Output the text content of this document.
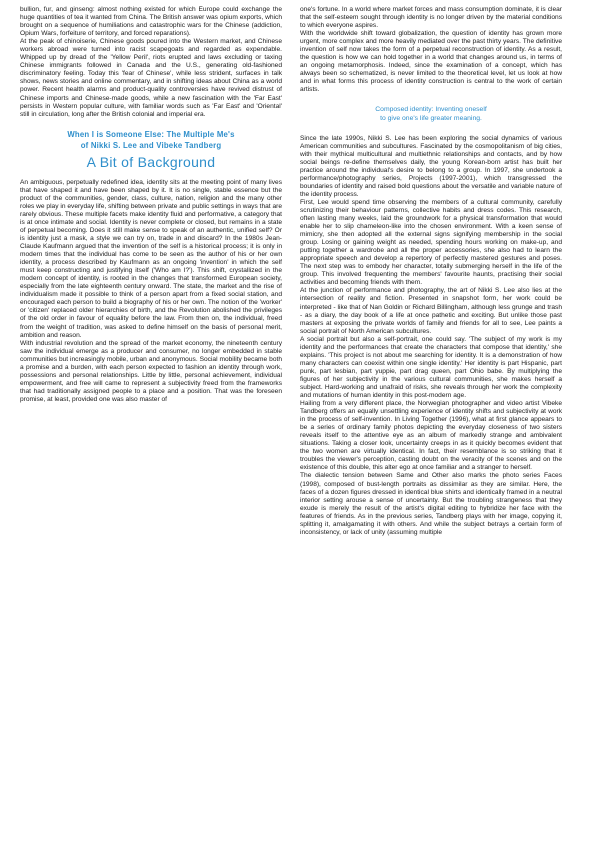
bullion, fur, and ginseng: almost nothing existed for which Europe could exchange the huge quantities of tea it wanted from China. The British answer was opium exports, which brought on a sequence of humiliations and catastrophic wars for the Chinese (addiction, Opium Wars, forfeiture of territory, and forced reparations).

At the peak of chinoiserie, Chinese goods poured into the Western market, and Chinese workers abroad were turned into racist scapegoats and regarded as expendable. Whipped up by dread of the 'Yellow Peril', riots erupted and laws excluding or taxing Chinese immigrants followed in Canada and the U.S., generating old-fashioned discriminatory feeling. Today this 'fear of Chinese', while less strident, surfaces in talk shows, news stories and online commentary, and in shifting ideas about China as a world power. Recent health alarms and product-quality controversies have revived distrust of Chinese imports and Chinese-made goods, while a new fascination with the 'Far East' persists in Western popular culture, with familiar words such as 'Far East' and 'Oriental' still in circulation, long after the British colonial and imperial era.

When I is Someone Else: The Multiple Me's
of Nikki S. Lee and Vibeke Tandberg
A Bit of Background

An ambiguous, perpetually redefined idea, identity sits at the meeting point of many lives that have shaped it and have been shaped by it. It is no single, stable essence but the product of the communities, gender, class, culture, nation, religion and the many other roles we play in everyday life, shifting between private and public settings in ways that are rarely obvious. These multiple facets make identity fluid and performative, a category that is at once intimate and social. Identity is never complete or closed, but remains in a state of perpetual becoming. Does it still make sense to speak of an authentic, unified self? Or is identity just a mask, a style we can try on, trade in and discard? In the 1980s Jean-Claude Kaufmann argued that the invention of the self is a historical process; it is only in modern times that the individual has come to be seen as the author of his or her own identity, a process described by Kaufmann as an ongoing 'invention' in which the self must keep constructing and justifying itself ('Who am I?'). This shift, crystallized in the modern concept of identity, is rooted in the changes that transformed European society, especially from the late eighteenth century onward. The state, the market and the rise of individualism made it possible to think of a person apart from a fixed social station, and encouraged each person to build a biography of his or her own. The notion of the 'worker' or 'citizen' replaced older hierarchies of birth, and the Revolution abolished the privileges of the old order in favour of equality before the law. From then on, the individual, freed from the weight of tradition, was asked to define himself on the basis of personal merit, ambition and reason.

With industrial revolution and the spread of the market economy, the nineteenth century saw the individual emerge as a producer and consumer, no longer embedded in stable communities but increasingly mobile, urban and anonymous. Social mobility became both a promise and a burden, with each person expected to fashion an identity through work, possessions and personal relationships. Little by little, personal achievement, individual empowerment, and free will came to represent a subjectivity freed from the frameworks that had traditionally assigned people to a place and a position. That was the foreseen promise, at least, provided one was also master of

one's fortune. In a world where market forces and mass consumption dominate, it is clear that the self-esteem sought through identity is no longer driven by the material conditions to which everyone aspires.

With the worldwide shift toward globalization, the question of identity has grown more urgent, more complex and more heavily mediated over the past thirty years. The definitive invention of self now takes the form of a perpetual reconstruction of identity. As a result, the question is how we can hold together in a world that changes around us, in terms of an ongoing metamorphosis. Indeed, since the examination of a concept, which has always been so schematized, is never limited to the theoretical level, let us look at how and in what forms this process of identity construction is central to the work of certain artists.

Composed identity: Inventing oneself
to give one's life greater meaning.

Since the late 1990s, Nikki S. Lee has been exploring the social dynamics of various American communities and subcultures. Fascinated by the cosmopolitanism of big cities, with their mythical multicultural and multiethnic relationships and contacts, and by how social beings re-define themselves daily, the young Korean-born artist has built her practice around the individual's desire to belong to a group. In 1997, she undertook a performance/photography series, Projects (1997-2001), which transgressed the boundaries of identity and raised bold questions about the versatile and variable nature of the identity process.

First, Lee would spend time observing the members of a cultural community, carefully scrutinizing their behaviour patterns, collective habits and dress codes. This research, often lasting many weeks, laid the groundwork for a physical transformation that would enable her to slip chameleon-like into the chosen environment. With a keen sense of mimicry, she then adopted all the external signs signifying membership in the social group. Losing or gaining weight as needed, spending hours working on make-up, and putting together a wardrobe and all the proper accessories, she also had to learn the appropriate speech and develop a repertory of perfectly mastered gestures and poses. The next step was to embody her character, totally submerging herself in the life of the group. This involved frequenting the members' favourite haunts, practising their social activities and becoming friends with them.

At the junction of performance and photography, the art of Nikki S. Lee also lies at the intersection of reality and fiction. Presented in snapshot form, her work could be interpreted - like that of Nan Goldin or Richard Billingham, although less grunge and trash - as a diary, the day book of a life at once pathetic and exciting. But unlike those past masters at exposing the private worlds of family and friends for all to see, Lee paints a social portrait of North American subcultures.

A social portrait but also a self-portrait, one could say. 'The subject of my work is my identity and the performances that create the characters that compose that identity,' she explains. 'This project is not about me searching for identity. It is a demonstration of how many characters can coexist within one single identity.' Her identity is part Hispanic, part punk, part lesbian, part yuppie, part drag queen, part Ohio babe. By multiplying the figures of her subjectivity in the various cultural communities, she makes herself a subject. Hard-working and unafraid of risks, she reveals through her work the complexity and mutations of human identity in this post-modern age.

Hailing from a very different place, the Norwegian photographer and video artist Vibeke Tandberg offers an equally unsettling experience of identity shifts and subjectivity at work in the process of self-invention. In Living Together (1996), what at first glance appears to be a series of ordinary family photos depicting the everyday closeness of two sisters reveals itself to the attentive eye as an album of markedly strange and ambivalent situations. Taking a closer look, uncertainty creeps in as it quickly becomes evident that the two women are virtually identical. In fact, their resemblance is so striking that it troubles the viewer's perception, casting doubt on the veracity of the scenes and on the existence of this double, this alter ego at once familiar and a stranger to herself.

The dialectic tension between Same and Other also marks the photo series Faces (1998), composed of bust-length portraits as dissimilar as they are similar. Here, the faces of a dozen figures dressed in identical blue shirts and identically framed in a neutral interior setting arouse a sense of uncertainty. But the troubling strangeness that they exude is merely the result of the artist's digital editing to hybridize her face with the features of friends. As in the previous series, Tandberg plays with her image, copying it, splitting it, amalgamating it with others. And while the subject betrays a certain form of inconsistency, or lack of unity (assuming multiple
